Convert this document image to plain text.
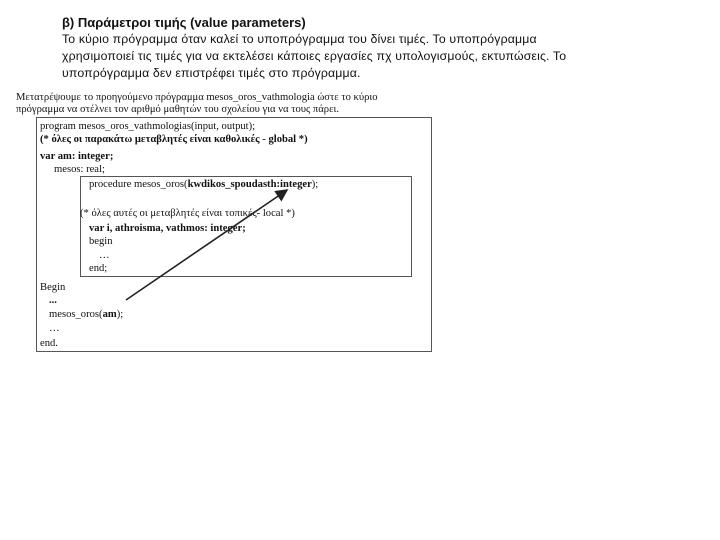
β) Παράμετροι τιμής (value parameters)
Το κύριο πρόγραμμα όταν καλεί το υποπρόγραμμα του δίνει τιμές. Το υποπρόγραμμα
χρησιμοποιεί τις τιμές για να εκτελέσει κάποιες εργασίες πχ υπολογισμούς, εκτυπώσεις. Το
υποπρόγραμμα δεν επιστρέφει τιμές στο πρόγραμμα.
Μετατρέψουμε το προηγούμενο πρόγραμμα mesos_oros_vathmologia ώστε το κύριο
πρόγραμμα να στέλνει τον αριθμό μαθητών του σχολείου για να τους πάρει.
program mesos_oros_vathmologias(input, output);
(* όλες οι παρακάτω μεταβλητές είναι καθολικές - global *)
var am: integer;
mesos: real;
procedure mesos_oros(kwdikos_spoudasth:integer);
(* όλες αυτές οι μεταβλητές είναι τοπικές- local *)
var i, athroisma, vathmos: integer;
begin
…
end;
Begin
...
mesos_oros(am);
…
end.
